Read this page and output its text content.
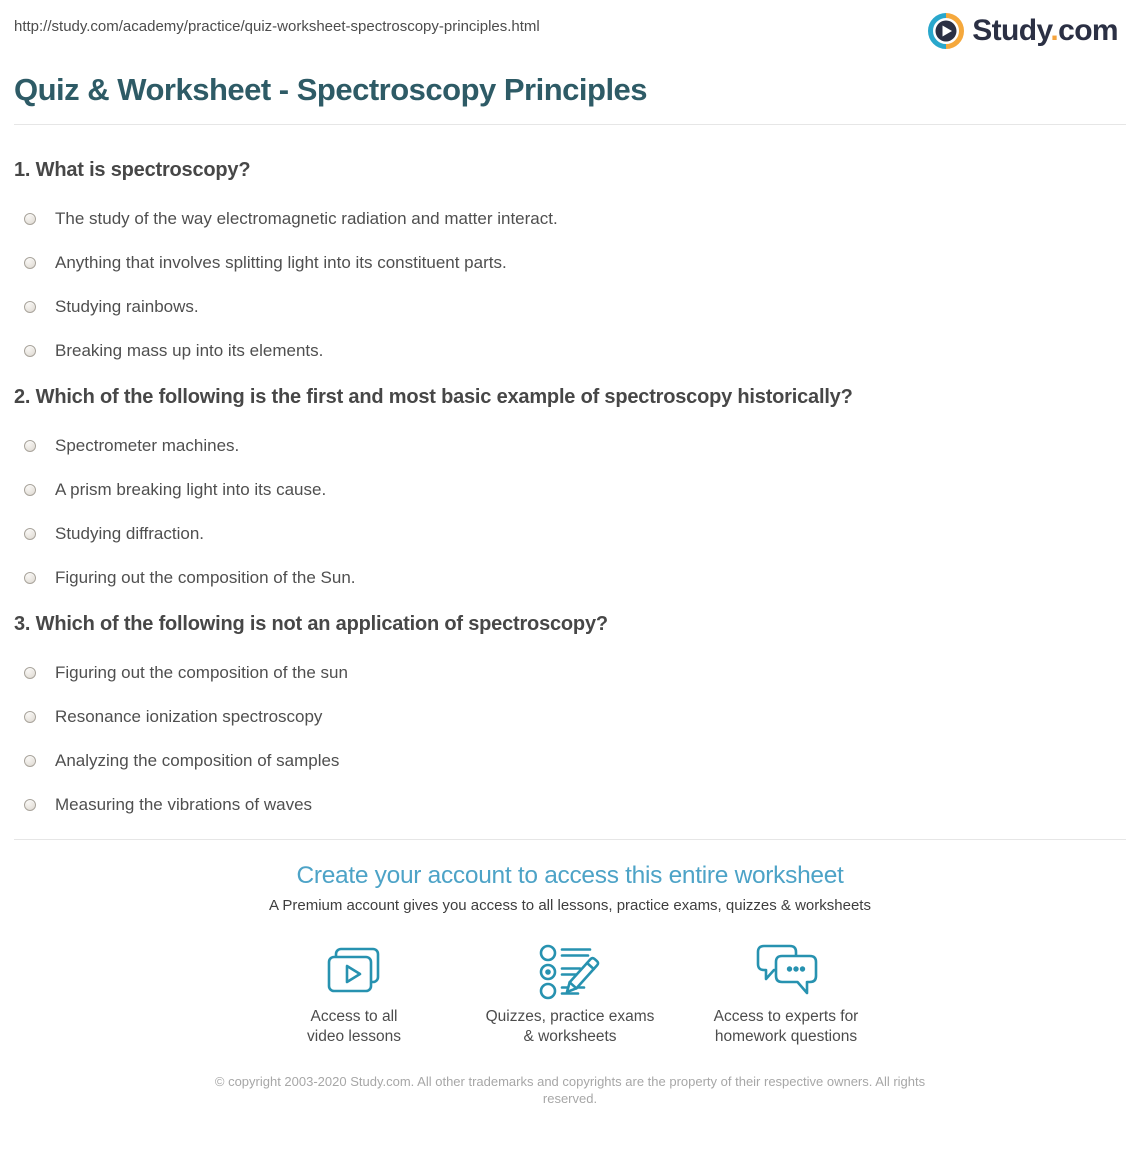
http://study.com/academy/practice/quiz-worksheet-spectroscopy-principles.html	Study.com
Quiz & Worksheet - Spectroscopy Principles
1. What is spectroscopy?
The study of the way electromagnetic radiation and matter interact.
Anything that involves splitting light into its constituent parts.
Studying rainbows.
Breaking mass up into its elements.
2. Which of the following is the first and most basic example of spectroscopy historically?
Spectrometer machines.
A prism breaking light into its cause.
Studying diffraction.
Figuring out the composition of the Sun.
3. Which of the following is not an application of spectroscopy?
Figuring out the composition of the sun
Resonance ionization spectroscopy
Analyzing the composition of samples
Measuring the vibrations of waves
Create your account to access this entire worksheet
A Premium account gives you access to all lessons, practice exams, quizzes & worksheets
Access to all
video lessons
Quizzes, practice exams
& worksheets
Access to experts for
homework questions
© copyright 2003-2020 Study.com. All other trademarks and copyrights are the property of their respective owners. All rights reserved.
